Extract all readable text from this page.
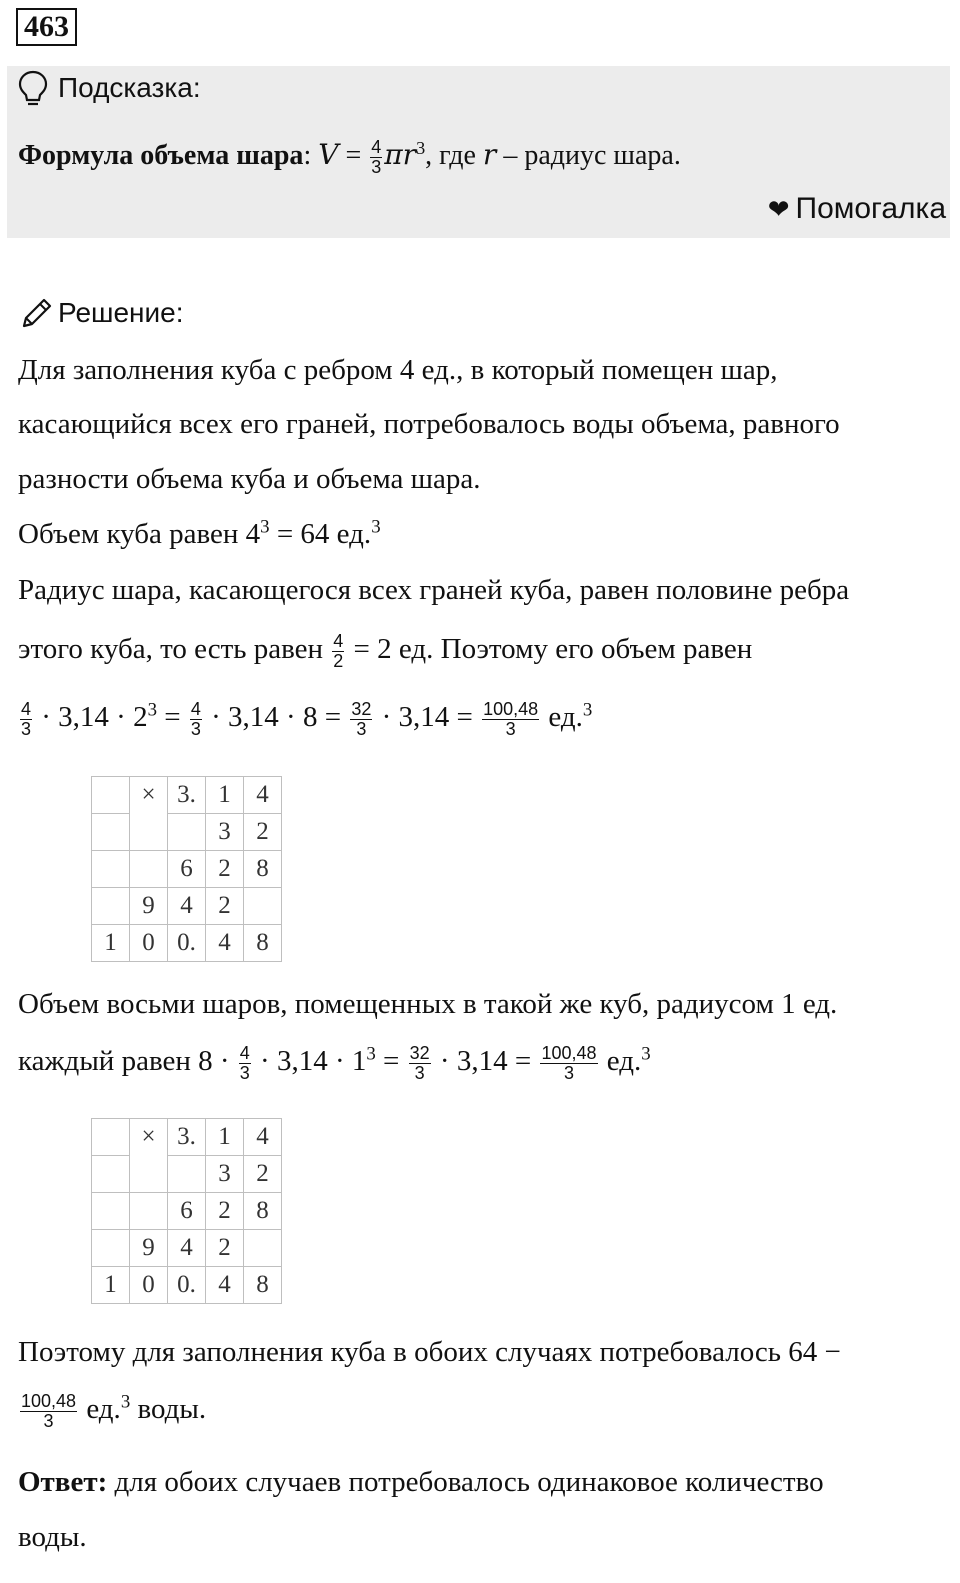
463
Подсказка:
Формула объема шара: $V = \frac{4}{3} \pi r^3$, где r – радиус шара.
❤ Помогалка
Решение:
Для заполнения куба с ребром 4 ед., в который помещен шар,
касающийся всех его граней, потребовалось воды объема, равного
разности объема куба и объема шара.
Объем куба равен $4^3 = 64$ ед.$^3$
Радиус шара, касающегося всех граней куба, равен половине ребра
этого куба, то есть равен $\frac{4}{2} = 2$ ед. Поэтому его объем равен
$\frac{4}{3} \cdot 3,14 \cdot 2^3 = \frac{4}{3} \cdot 3,14 \cdot 8 = \frac{32}{3} \cdot 3,14 = \frac{100,48}{3} ед.^3$
	×	3.	1	4
			3	2
		6	2	8
	9	4	2	
1	0	0.	4	8
Объем восьми шаров, помещенных в такой же куб, радиусом 1 ед.
каждый равен $8 \cdot \frac{4}{3} \cdot 3,14 \cdot 1^3 = \frac{32}{3} \cdot 3,14 = \frac{100,48}{3} ед.^3$
	×	3.	1	4
			3	2
		6	2	8
	9	4	2	
1	0	0.	4	8
Поэтому для заполнения куба в обоих случаях потребовалось 64 −
$\frac{100,48}{3} ед.^3$ воды.
Ответ: для обоих случаев потребовалось одинаковое количество
воды.
